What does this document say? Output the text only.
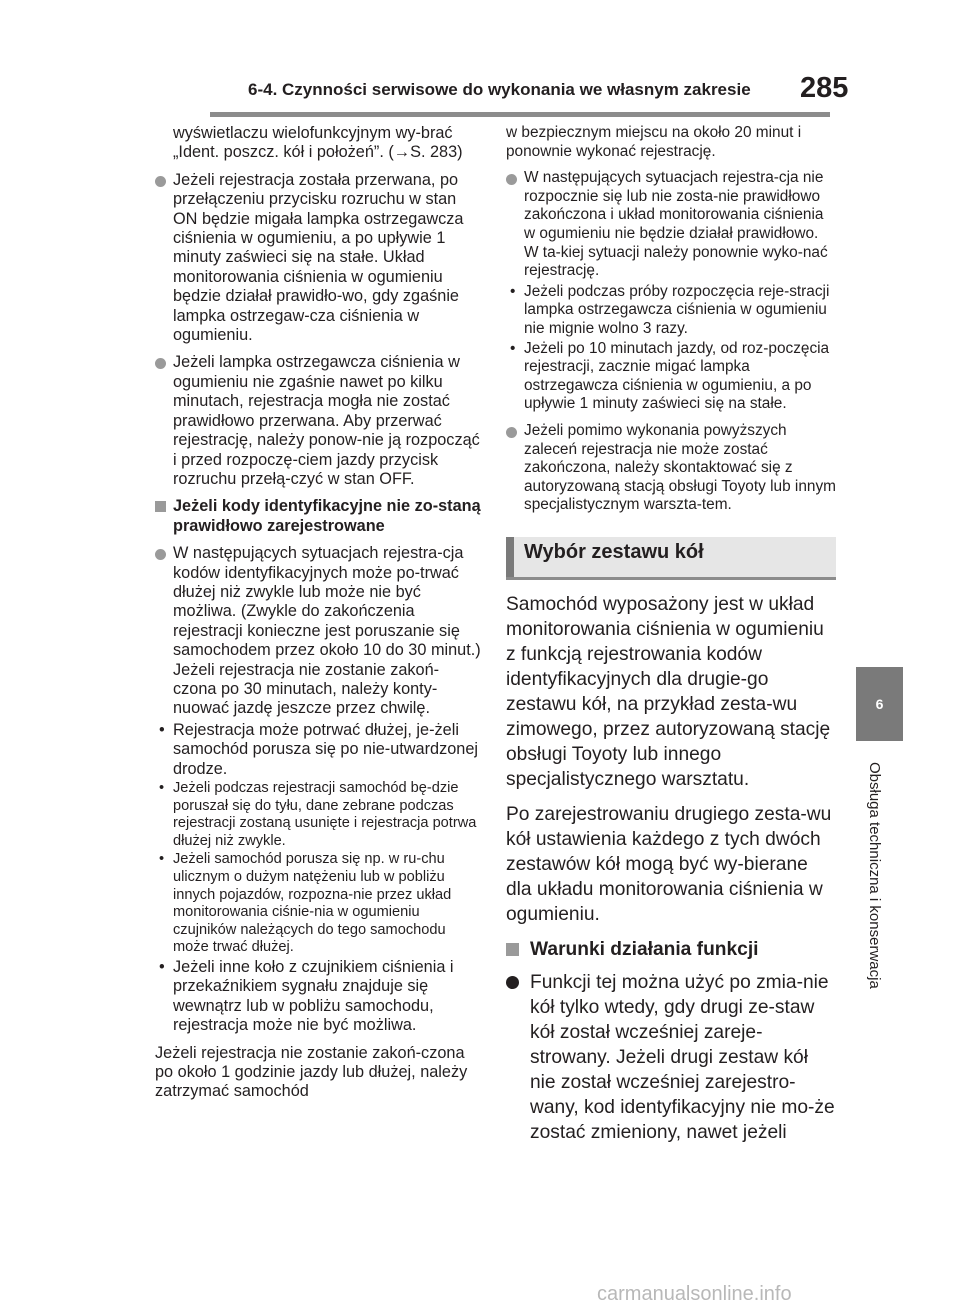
6-4. Czynności serwisowe do wykonania we własnym zakresie 285
6
Obsługa techniczna i konserwacja

wyświetlaczu wielofunkcyjnym wy-brać „Ident. poszcz. kół i położeń”. (→S. 283)

Jeżeli rejestracja została przerwana, po przełączeniu przycisku rozruchu w stan ON będzie migała lampka ostrzegawcza ciśnienia w ogumieniu, a po upływie 1 minuty zaświeci się na stałe. Układ monitorowania ciśnienia w ogumieniu będzie działał prawidło-wo, gdy zgaśnie lampka ostrzegaw-cza ciśnienia w ogumieniu.
Jeżeli lampka ostrzegawcza ciśnienia w ogumieniu nie zgaśnie nawet po kilku minutach, rejestracja mogła nie zostać prawidłowo przerwana. Aby przerwać rejestrację, należy ponow-nie ją rozpocząć i przed rozpoczę-ciem jazdy przycisk rozruchu przełą-czyć w stan OFF.
Jeżeli kody identyfikacyjne nie zo-staną prawidłowo zarejestrowane
W następujących sytuacjach rejestra-cja kodów identyfikacyjnych może po-trwać dłużej niż zwykle lub może nie być możliwa. (Zwykle do zakończenia rejestracji konieczne jest poruszanie się samochodem przez około 10 do 30 minut.)

Jeżeli rejestracja nie zostanie zakoń-czona po 30 minutach, należy konty-nuować jazdę jeszcze przez chwilę.

• Rejestracja może potrwać dłużej, je-żeli samochód porusza się po nie-utwardzonej drodze.
• Jeżeli podczas rejestracji samochód bę-dzie poruszał się do tyłu, dane zebrane podczas rejestracji zostaną usunięte i rejestracja potrwa dłużej niż zwykle.
• Jeżeli samochód porusza się np. w ru-chu ulicznym o dużym natężeniu lub w pobliżu innych pojazdów, rozpozna-nie przez układ monitorowania ciśnie-nia w ogumieniu czujników należących do tego samochodu może trwać dłużej.
• Jeżeli inne koło z czujnikiem ciśnienia i przekaźnikiem sygnału znajduje się wewnątrz lub w pobliżu samochodu, rejestracja może nie być możliwa.

Jeżeli rejestracja nie zostanie zakoń-czona po około 1 godzinie jazdy lub dłużej, należy zatrzymać samochód

w bezpiecznym miejscu na około 20 minut i ponownie wykonać rejestrację.

W następujących sytuacjach rejestra-cja nie rozpocznie się lub nie zosta-nie prawidłowo zakończona i układ monitorowania ciśnienia w ogumieniu nie będzie działał prawidłowo. W ta-kiej sytuacji należy ponownie wyko-nać rejestrację.
• Jeżeli podczas próby rozpoczęcia reje-stracji lampka ostrzegawcza ciśnienia w ogumieniu nie mignie wolno 3 razy.
• Jeżeli po 10 minutach jazdy, od roz-poczęcia rejestracji, zacznie migać lampka ostrzegawcza ciśnienia w ogumieniu, a po upływie 1 minuty zaświeci się na stałe.
Jeżeli pomimo wykonania powyższych zaleceń rejestracja nie może zostać zakończona, należy skontaktować się z autoryzowaną stacją obsługi Toyoty lub innym specjalistycznym warszta-tem.
Wybór zestawu kół

Samochód wyposażony jest w układ monitorowania ciśnienia w ogumieniu z funkcją rejestrowania kodów identyfikacyjnych dla drugie-go zestawu kół, na przykład zesta-wu zimowego, przez autoryzowaną stację obsługi Toyoty lub innego specjalistycznego warsztatu.

Po zarejestrowaniu drugiego zesta-wu kół ustawienia każdego z tych dwóch zestawów kół mogą być wy-bierane dla układu monitorowania ciśnienia w ogumieniu.

Warunki działania funkcji
Funkcji tej można użyć po zmia-nie kół tylko wtedy, gdy drugi ze-staw kół został wcześniej zareje-strowany. Jeżeli drugi zestaw kół nie został wcześniej zarejestro-wany, kod identyfikacyjny nie mo-że zostać zmieniony, nawet jeżeli
carmanualsonline.info
